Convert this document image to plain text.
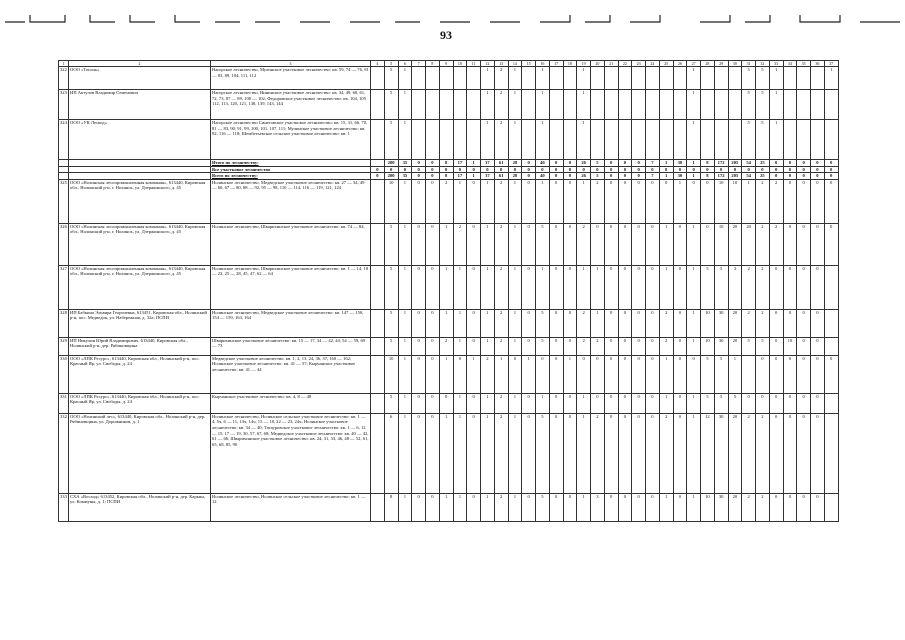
93
1	2	3	4	5	6	7	8	9	10	11	12	13	14	15	16	17	18	19	20	21	22	23	24	25	26	27	28	29	30	31	32	33	34	35	36	37
322	ООО «Тополь»	Нагорское лесничество, Мулинское участковое лесничество: кв. 59, 74 — 76, 81 — 83, 89, 104, 111, 112		5	1						1	2	1		1			1								1				5	5	1				1
323	ИП Актулов Владимир Семенович	Нагорское лесничество, Нининское участковое лесничество: кв. 34, 49, 60, 61, 72, 73, 87 — 89, 100 — 102; Федоровское участковое лесничество: кв. 104, 105 112, 113, 120, 121, 138, 139, 143, 144		5	1						1	2	1		1			1								1				5	5	1				
324	ООО «УК Лескод»	Нагорское лесничество Синеговское участковое лесничество: кв. 15, 31, 66, 70, 81 — 83, 90, 91, 99, 100, 101, 107, 111; Мулинское участковое лесничество: кв. 92, 116 — 118; Шембетьевское сельское участковое лесничество: кв. 1		5	1						1	2	1		1			1								1				5	5	1				
		Итого по лесничеству:		200	35	0	0	8	17	1	37	61	28	0	40	0	0	26	5	0	0	0	7	1	30	1	8	172	205	54	25	0	0	0	0	0
		Все участковое лесничество	0	0	0	0	0	0	0	0	0	0	0	0	0	0	0	0	0	0	0	0	0	0	0	0	0	0	0	0	0	0	0	0	0	0
		Всего по лесничеству:	0	200	35	0	0	8	17	1	37	61	28	0	40	0	0	26	5	0	0	0	7	1	30	1	8	172	205	54	25	0	0	0	0	0
325	ООО «Нолинская лесопромышленная компания», 613440, Кировская обл., Нолинский р-н, г. Нолинск, ул. Дзержинского, д. 45	Нолинское лесничество, Медведское участковое лесничество: кв. 27 — 34, 49 — 60, 67 — 80, 88 — 92, 95 — 98, 110 — 114, 116 — 119, 121, 124		10	1	0	0	2	1	0	1	2	1	0	1	0	0	1	2	0	0	0	0	0	1	0	0	10	10	1	2	2	0	0	0	0
326	ООО «Нолинская лесопромышленная компания», 613440, Кировская обл., Нолинский р-н, г. Нолинск, ул. Дзержинского, д. 45	Нолинское лесничество, Шварихинское участковое лесничество: кв. 74 — 84,		5	1	0	0	1	2	0	1	2	1	0	5	0	0	2	0	0	0	0	0	1	0	1	0	10	20	20	2	2	0	0	0	0
327	ООО «Нолинская лесопромышленная компания», 613440, Кировская обл., Нолинский р-н, г. Нолинск, ул. Дзержинского, д. 45	Нолинское лесничество, Шварихинское участковое лесничество: кв. 1 — 14, 18 — 23, 25 — 28, 45, 47, 62 — 64		5	1	0	0	1	1	0	1	2	1	0	1	0	0	1	1	0	0	0	0	1	0	1	5	5	3	2	2	0	0	0	0	
328	ИП Бабкина Эльвира Георгиевна, 613451, Кировская обл., Нолинский р-н, пос. Медведок, ул. Набережная, д. 32а; ПСПИ	Нолинское лесничество, Медведское участковое лесничество: кв. 147 — 150, 154 — 159, 163, 164		5	1	0	0	1	1	0	1	2	1	0	5	0	0	2	1	0	0	0	0	2	0	1	10	30	20	2	2	0	0	0	0	
329	ИП Никулин Юрий Владимирович, 613440, Кировская обл., Нолинский р-н, дер. Рябиновщина	Шварихинское участковое лесничество: кв. 15 — 17, 34 — 42, 44, 54 — 59, 69 — 73		5	1	0	0	2	1	0	1	2	1	0	5	0	0	2	2	0	0	0	0	2	0	1	10	30	20	5	5	0	10	0	0	
330	ООО «ЛПК Ресурс», 613440, Кировская обл., Нолинский р-н, пос. Красный Яр, ул. Свободы, д. 24	Медведское участковое лесничество: кв. 1, 2, 13, 24, 36, 37, 160 — 162; Нолинское участковое лесничество: кв. 41 — 57; Кырчанское участковое лесничество: кв. 41 — 44		10	1	0	0	1	0	1	2	1	0	1	0	0	1	0	0	0	0	0	0	1	0	0	5	5	1		0	0	0	0	0	0
331	ООО «ЛПК Ресурс», 613440, Кировская обл., Нолинский р-н, пос. Красный Яр, ул. Свободы, д. 24	Кырчанское участковое лесничество: кв. 4, 8 — 40		5	1	0	0	0	1	0	1	2	1	0	1	0	0	1	0	0	0	0	0	1	0	1	5	5	5	0	0	0	0	0	0	
332	ООО «Нолинский лес», 613440, Кировская обл., Нолинский р-н, дер. Рябиновщина, ул. Дорожников, д. 1	Нолинское лесничество, Нолинское сельское участковое лесничество: кв. 1 — 4, 5ч, 6 — 11, 13ч, 14ч, 15 — 18, 22 — 23, 24ч; Нолинское участковое лесничество: кв. 34 — 40; Татауровское участковое лесничество: кв. 1 — 6, 12 — 15, 17 — 19, 30, 57, 67, 68; Медведское участковое лесничество: кв. 40 — 42, 61 — 66, Шварихинское участковое лесничество: кв. 24, 31, 33, 46, 48 — 52, 61, 65, 68, 85, 90		6	1	0	0	1	1	0	1	2	1	0	5	0	0	1	2	0	0	0	0	2	0	1	12	30	20	2	2	0	0	0	0	
333	СХА «Восход» 613452, Кировская обл., Нолинский р-н, дер. Каркин, ул. Коммуны, д. 1; ПСПИ	Нолинское лесничество, Нолинское сельское участковое лесничество: кв. 1 — 12		8	1	0	0	1	1	0	1	2	1	0	5	0	0	1	3	0	0	0	0	1	0	1	10	30	20	2	2	0	0	0	0	
